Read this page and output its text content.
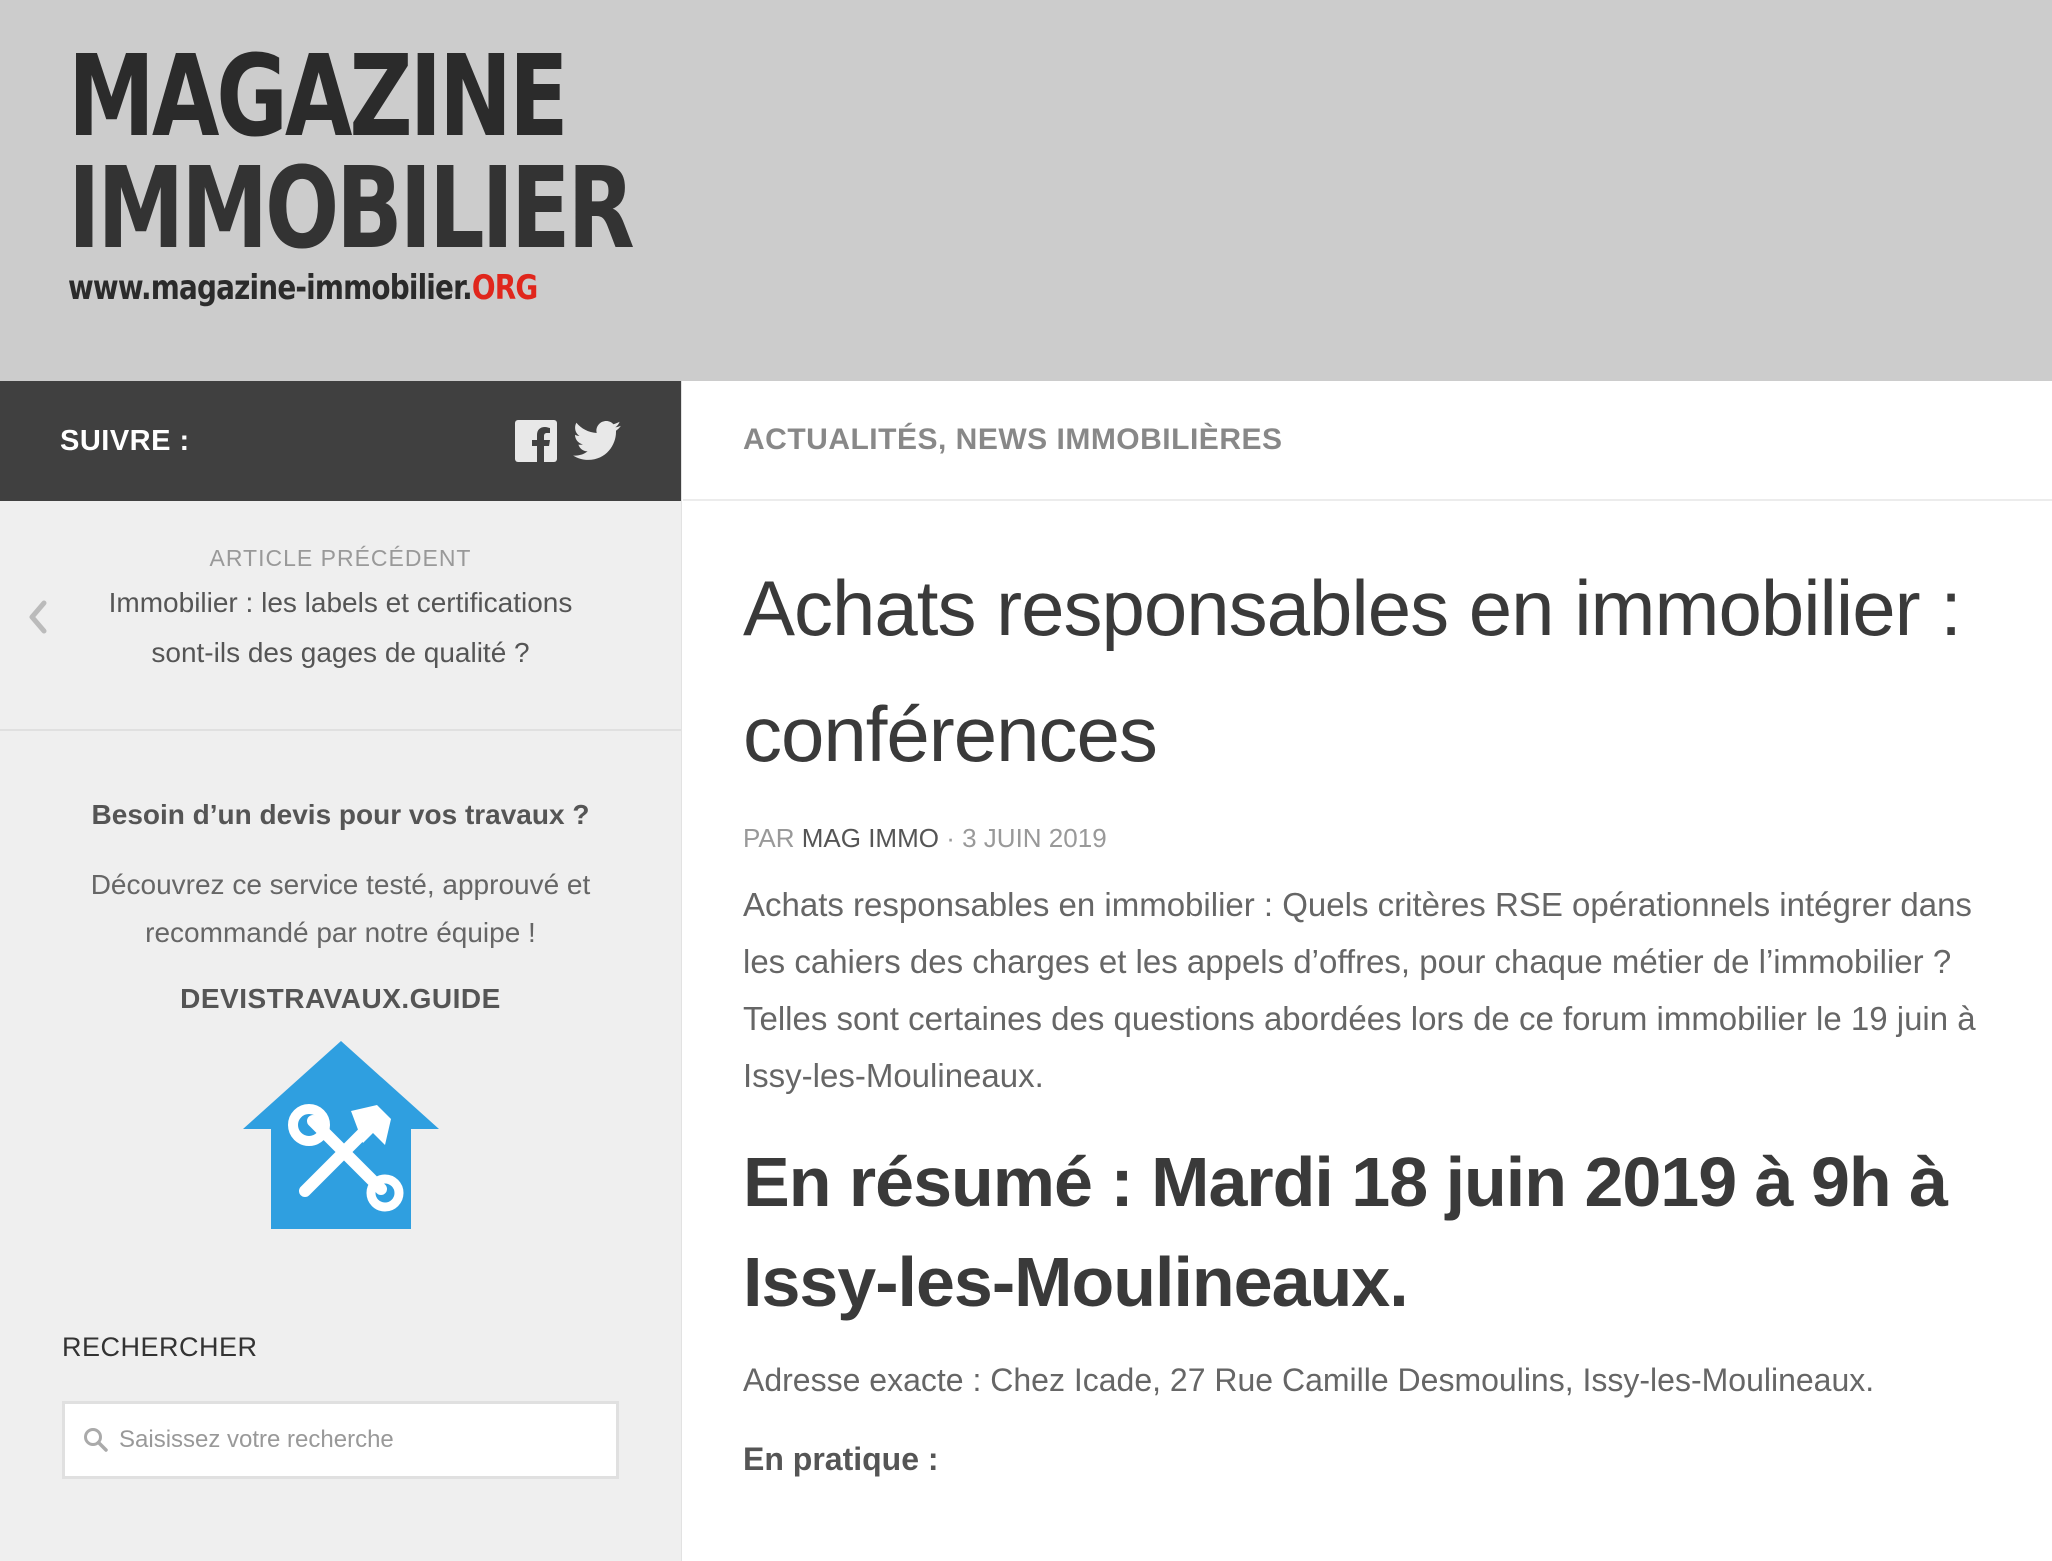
MAGAZINE
IMMOBILIER
www.magazine-immobilier.ORG
SUIVRE :
ARTICLE PRÉCÉDENT
Immobilier : les labels et certifications sont-ils des gages de qualité ?
Besoin d’un devis pour vos travaux ?
Découvrez ce service testé, approuvé et recommandé par notre équipe !
DEVISTRAVAUX.GUIDE
RECHERCHER
Saisissez votre recherche
ACTUALITÉS, NEWS IMMOBILIÈRES
Achats responsables en immobilier : conférences
PAR MAG IMMO · 3 JUIN 2019

Achats responsables en immobilier : Quels critères RSE opérationnels intégrer dans les cahiers des charges et les appels d’offres, pour chaque métier de l’immobilier ? Telles sont certaines des questions abordées lors de ce forum immobilier le 19 juin à Issy-les-Moulineaux.

En résumé : Mardi 18 juin 2019 à 9h à Issy-les-Moulineaux.

Adresse exacte : Chez Icade, 27 Rue Camille Desmoulins, Issy-les-Moulineaux.

En pratique :
